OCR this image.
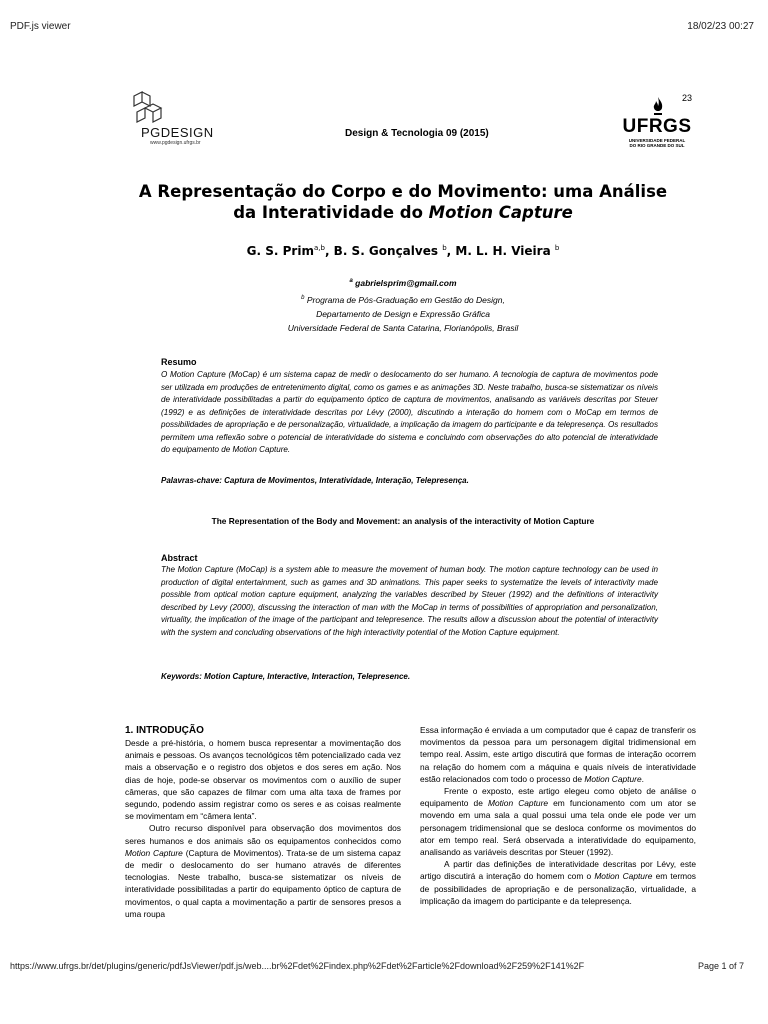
PDF.js viewer	18/02/23 00:27
PGDESIGN
www.pgdesign.ufrgs.br
Design & Tecnologia 09 (2015)
23
UFRGS
UNIVERSIDADE FEDERAL
DO RIO GRANDE DO SUL
A Representação do Corpo e do Movimento: uma Análise
da Interatividade do Motion Capture
G. S. Prim$^{a,b}$, B. S. Gonçalves $^b$, M. L. H. Vieira $^b$
$^a$ gabrielsprim@gmail.com
$^b$ Programa de Pós-Graduação em Gestão do Design,
Departamento de Design e Expressão Gráfica
Universidade Federal de Santa Catarina, Florianópolis, Brasil
Resumo
O Motion Capture (MoCap) é um sistema capaz de medir o deslocamento do ser humano. A tecnologia de captura de movimentos pode ser utilizada em produções de entretenimento digital, como os games e as animações 3D. Neste trabalho, busca-se sistematizar os níveis de interatividade possibilitadas a partir do equipamento óptico de captura de movimentos, analisando as variáveis descritas por Steuer (1992) e as definições de interatividade descritas por Lévy (2000), discutindo a interação do homem com o MoCap em termos de possibilidades de apropriação e de personalização, virtualidade, a implicação da imagem do participante e da telepresença. Os resultados permitem uma reflexão sobre o potencial de interatividade do sistema e concluindo com observações do alto potencial de interatividade do equipamento de Motion Capture.
Palavras-chave: Captura de Movimentos, Interatividade, Interação, Telepresença.
The Representation of the Body and Movement: an analysis of the interactivity of Motion Capture
Abstract
The Motion Capture (MoCap) is a system able to measure the movement of human body. The motion capture technology can be used in production of digital entertainment, such as games and 3D animations. This paper seeks to systematize the levels of interactivity made possible from optical motion capture equipment, analyzing the variables described by Steuer (1992) and the definitions of interactivity described by Levy (2000), discussing the interaction of man with the MoCap in terms of possibilities of appropriation and personalization, virtuality, the implication of the image of the participant and telepresence. The results allow a discussion about the potential of interactivity with the system and concluding observations of the high interactivity potential of the Motion Capture equipment.
Keywords: Motion Capture, Interactive, Interaction, Telepresence.
1. INTRODUÇÃO

Desde a pré-história, o homem busca representar a movimentação dos animais e pessoas. Os avanços tecnológicos têm potencializado cada vez mais a observação e o registro dos objetos e dos seres em ação. Nos dias de hoje, pode-se observar os movimentos com o auxílio de super câmeras, que são capazes de filmar com uma alta taxa de frames por segundo, podendo assim registrar como os seres e as coisas realmente se movimentam em “câmera lenta”.

Outro recurso disponível para observação dos movimentos dos seres humanos e dos animais são os equipamentos conhecidos como Motion Capture (Captura de Movimentos). Trata-se de um sistema capaz de medir o deslocamento do ser humano através de diferentes tecnologias. Neste trabalho, busca-se sistematizar os níveis de interatividade possibilitadas a partir do equipamento óptico de captura de movimentos, o qual capta a movimentação a partir de sensores presos a uma roupa

Essa informação é enviada a um computador que é capaz de transferir os movimentos da pessoa para um personagem digital tridimensional em tempo real. Assim, este artigo discutirá que formas de interação ocorrem na relação do homem com a máquina e quais níveis de interatividade estão relacionados com todo o processo de Motion Capture.

Frente o exposto, este artigo elegeu como objeto de análise o equipamento de Motion Capture em funcionamento com um ator se movendo em uma sala a qual possui uma tela onde ele pode ver um personagem tridimensional que se desloca conforme os movimentos do ator em tempo real. Será observada a interatividade do equipamento, analisando as variáveis descritas por Steuer (1992).

A partir das definições de interatividade descritas por Lévy, este artigo discutirá a interação do homem com o Motion Capture em termos de possibilidades de apropriação e de personalização, virtualidade, a implicação da imagem do participante e da telepresença.

https://www.ufrgs.br/det/plugins/generic/pdfJsViewer/pdf.js/web....br%2Fdet%2Findex.php%2Fdet%2Farticle%2Fdownload%2F259%2F141%2F	Page 1 of 7
